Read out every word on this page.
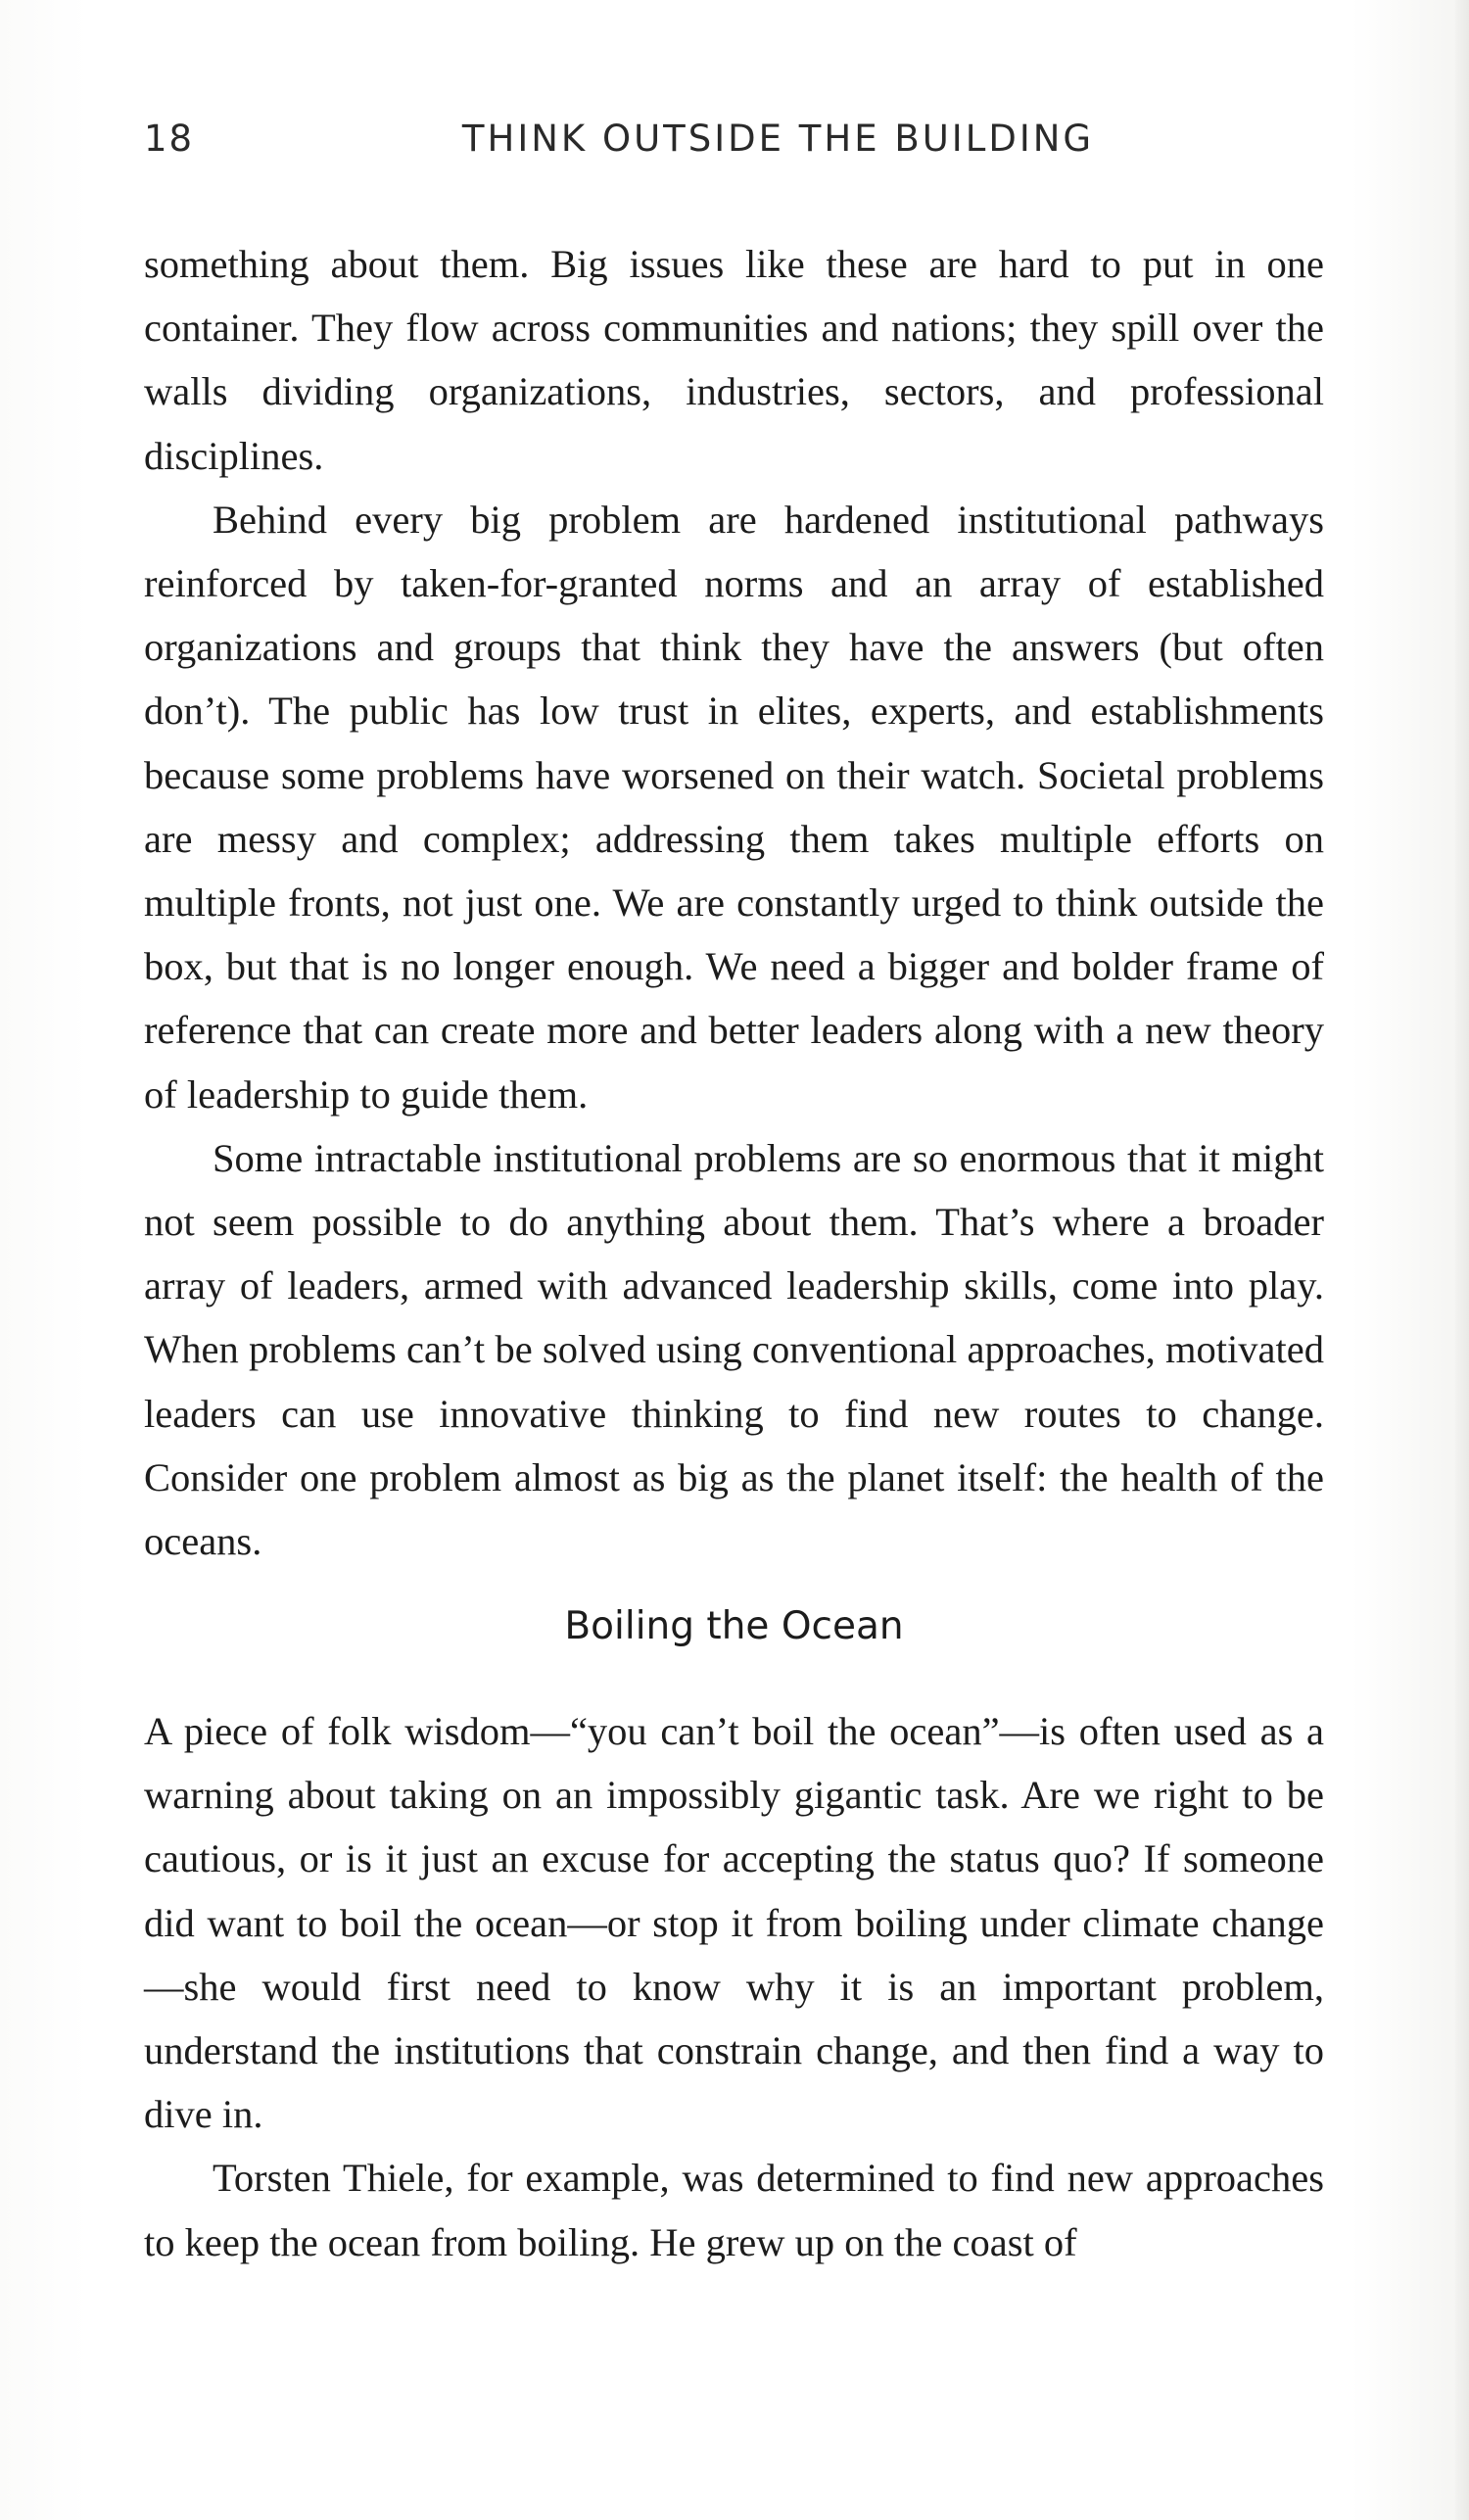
18	THINK OUTSIDE THE BUILDING

something about them. Big issues like these are hard to put in one container. They flow across communities and nations; they spill over the walls dividing organizations, industries, sectors, and professional disciplines.

Behind every big problem are hardened institutional pathways reinforced by taken-for-granted norms and an array of established organizations and groups that think they have the answers (but often don’t). The public has low trust in elites, experts, and establishments because some problems have worsened on their watch. Societal problems are messy and complex; addressing them takes multiple efforts on multiple fronts, not just one. We are constantly urged to think outside the box, but that is no longer enough. We need a bigger and bolder frame of reference that can create more and better leaders along with a new theory of leadership to guide them.

Some intractable institutional problems are so enormous that it might not seem possible to do anything about them. That’s where a broader array of leaders, armed with advanced leadership skills, come into play. When problems can’t be solved using conventional approaches, motivated leaders can use innovative thinking to find new routes to change. Consider one problem almost as big as the planet itself: the health of the oceans.

Boiling the Ocean

A piece of folk wisdom—“you can’t boil the ocean”—is often used as a warning about taking on an impossibly gigantic task. Are we right to be cautious, or is it just an excuse for accepting the status quo? If someone did want to boil the ocean—or stop it from boiling under climate change—she would first need to know why it is an important problem, understand the institutions that constrain change, and then find a way to dive in.

Torsten Thiele, for example, was determined to find new approaches to keep the ocean from boiling. He grew up on the coast of
